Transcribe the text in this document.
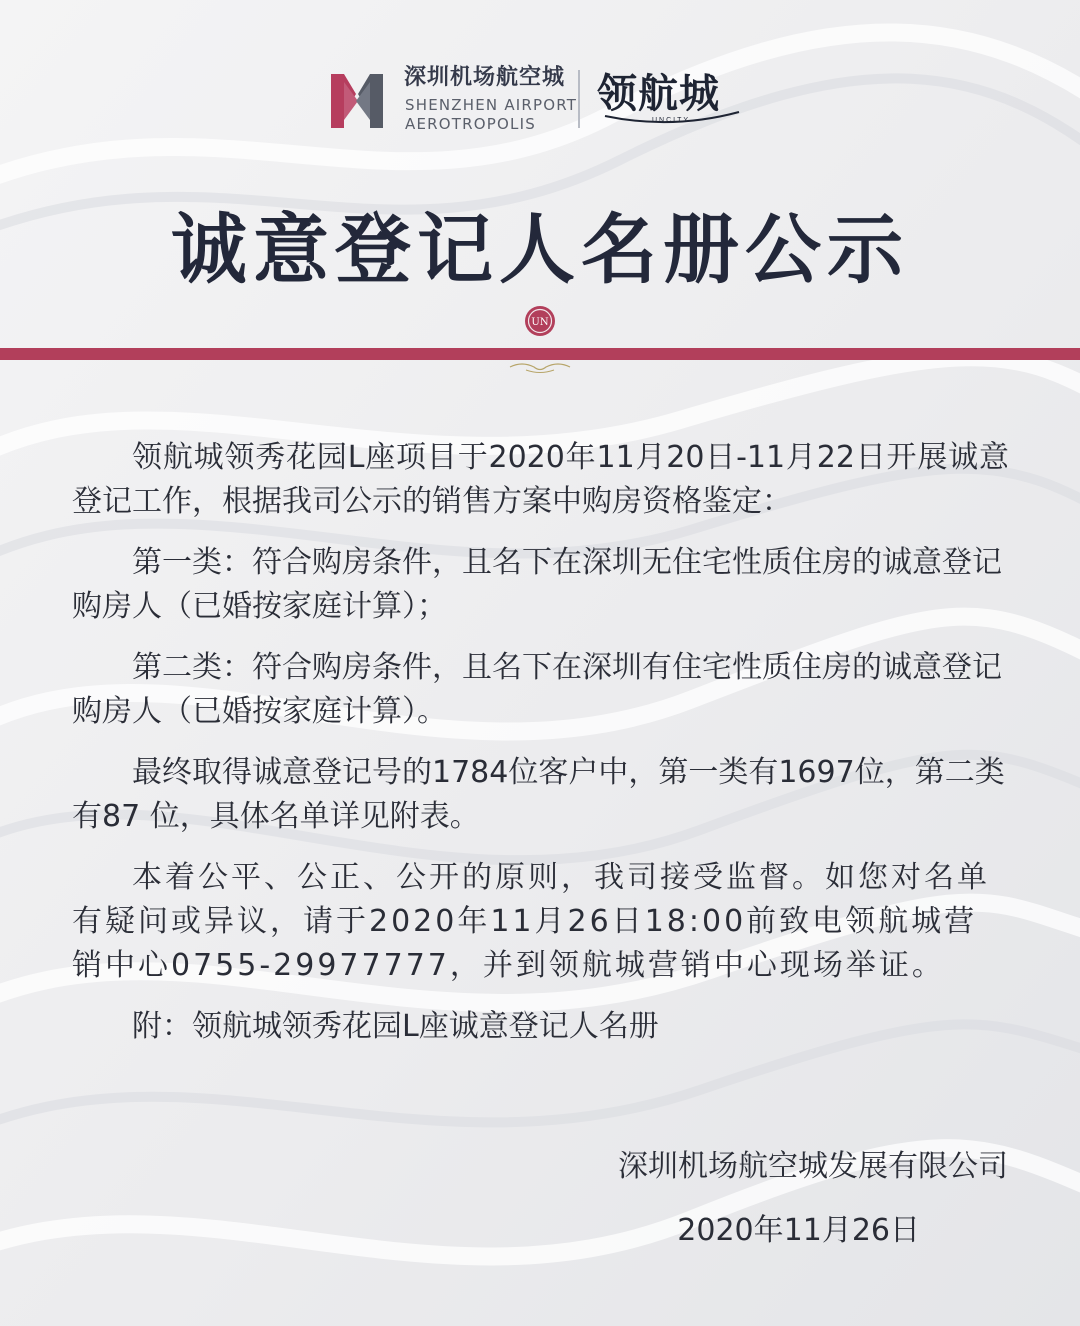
深圳机场航空城
SHENZHEN AIRPORT
AEROTROPOLIS
领航城
UNCITY
诚意登记人名册公示
UN

领航城领秀花园L座项目于2020年11月20日-11月22日开展诚意登记工作，根据我司公示的销售方案中购房资格鉴定：

第一类：符合购房条件，且名下在深圳无住宅性质住房的诚意登记购房人（已婚按家庭计算）；

第二类：符合购房条件，且名下在深圳有住宅性质住房的诚意登记购房人（已婚按家庭计算）。

最终取得诚意登记号的1784位客户中，第一类有1697位，第二类有87 位，具体名单详见附表。

本着公平、公正、公开的原则，我司接受监督。如您对名单有疑问或异议，请于2020年11月26日18:00前致电领航城营销中心0755-29977777，并到领航城营销中心现场举证。

附：领航城领秀花园L座诚意登记人名册

深圳机场航空城发展有限公司
2020年11月26日
